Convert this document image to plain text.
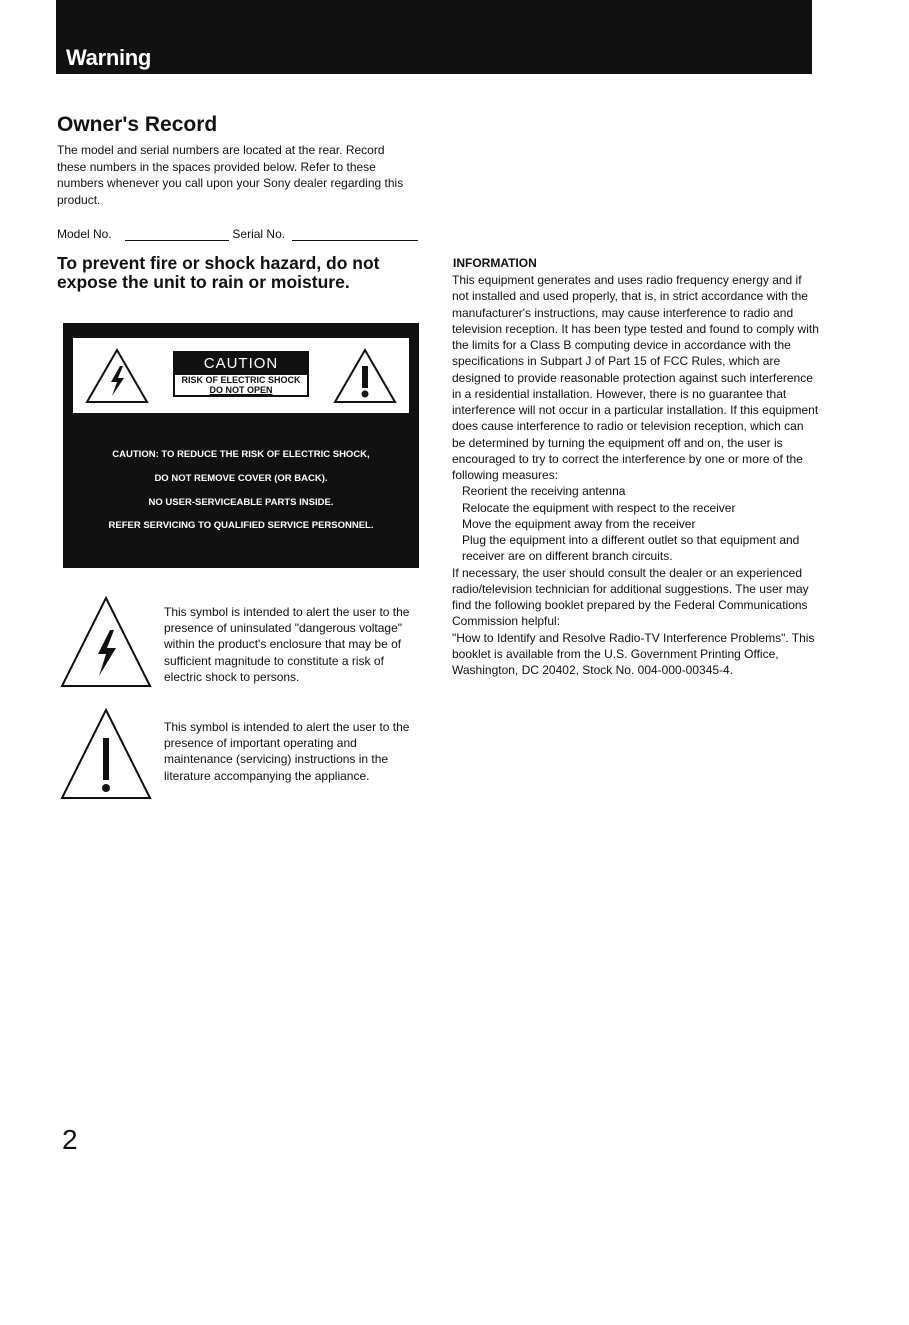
Warning
Owner's Record

The model and serial numbers are located at the rear. Record these numbers in the spaces provided below. Refer to these numbers whenever you call upon your Sony dealer regarding this product.

Model No.	Serial No.
To prevent fire or shock hazard, do not expose the unit to rain or moisture.
CAUTION
RISK OF ELECTRIC SHOCK
DO NOT OPEN
CAUTION: TO REDUCE THE RISK OF ELECTRIC SHOCK,
DO NOT REMOVE COVER (OR BACK).
NO USER-SERVICEABLE PARTS INSIDE.
REFER SERVICING TO QUALIFIED SERVICE PERSONNEL.

This symbol is intended to alert the user to the presence of uninsulated "dangerous voltage" within the product's enclosure that may be of sufficient magnitude to constitute a risk of electric shock to persons.

This symbol is intended to alert the user to the presence of important operating and maintenance (servicing) instructions in the literature accompanying the appliance.

INFORMATION

This equipment generates and uses radio frequency energy and if not installed and used properly, that is, in strict accordance with the manufacturer's instructions, may cause interference to radio and television reception. It has been type tested and found to comply with the limits for a Class B computing device in accordance with the specifications in Subpart J of Part 15 of FCC Rules, which are designed to provide reasonable protection against such interference in a residential installation. However, there is no guarantee that interference will not occur in a particular installation. If this equipment does cause interference to radio or television reception, which can be determined by turning the equipment off and on, the user is encouraged to try to correct the interference by one or more of the following measures:
Reorient the receiving antenna
Relocate the equipment with respect to the receiver
Move the equipment away from the receiver
Plug the equipment into a different outlet so that equipment and receiver are on different branch circuits.
If necessary, the user should consult the dealer or an experienced radio/television technician for additional suggestions. The user may find the following booklet prepared by the Federal Communications Commission helpful:
"How to Identify and Resolve Radio-TV Interference Problems". This booklet is available from the U.S. Government Printing Office, Washington, DC 20402, Stock No. 004-000-00345-4.

2
